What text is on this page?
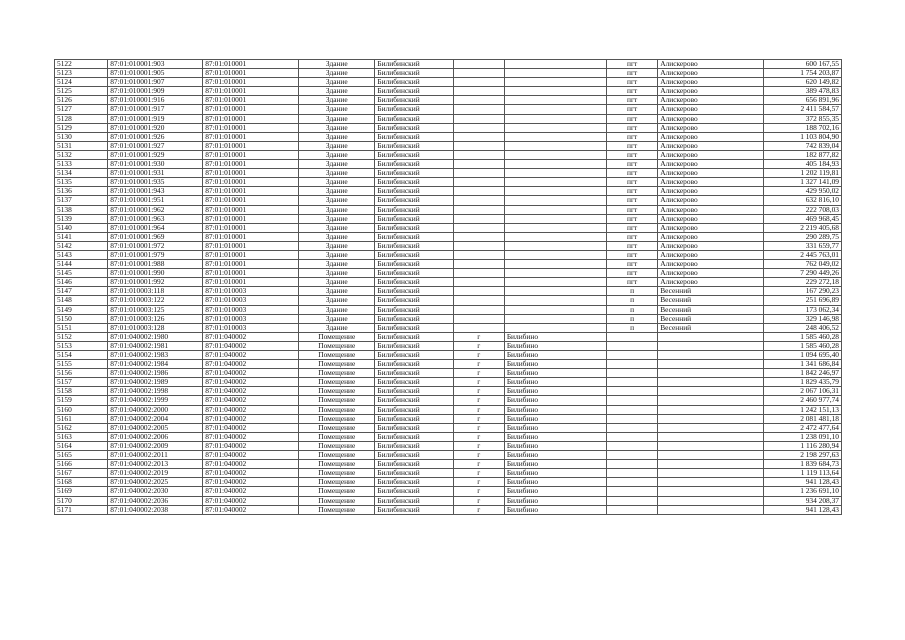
5122	87:01:010001:903	87:01:010001	Здание	Билибинский			пгт	Алискерово	600 167,55
5123	87:01:010001:905	87:01:010001	Здание	Билибинский			пгт	Алискерово	1 754 203,87
5124	87:01:010001:907	87:01:010001	Здание	Билибинский			пгт	Алискерово	620 149,82
5125	87:01:010001:909	87:01:010001	Здание	Билибинский			пгт	Алискерово	389 478,83
5126	87:01:010001:916	87:01:010001	Здание	Билибинский			пгт	Алискерово	656 891,96
5127	87:01:010001:917	87:01:010001	Здание	Билибинский			пгт	Алискерово	2 411 584,57
5128	87:01:010001:919	87:01:010001	Здание	Билибинский			пгт	Алискерово	372 855,35
5129	87:01:010001:920	87:01:010001	Здание	Билибинский			пгт	Алискерово	188 702,16
5130	87:01:010001:926	87:01:010001	Здание	Билибинский			пгт	Алискерово	1 103 804,90
5131	87:01:010001:927	87:01:010001	Здание	Билибинский			пгт	Алискерово	742 839,04
5132	87:01:010001:929	87:01:010001	Здание	Билибинский			пгт	Алискерово	182 877,82
5133	87:01:010001:930	87:01:010001	Здание	Билибинский			пгт	Алискерово	405 184,93
5134	87:01:010001:931	87:01:010001	Здание	Билибинский			пгт	Алискерово	1 202 119,81
5135	87:01:010001:935	87:01:010001	Здание	Билибинский			пгт	Алискерово	1 327 141,09
5136	87:01:010001:943	87:01:010001	Здание	Билибинский			пгт	Алискерово	429 950,02
5137	87:01:010001:951	87:01:010001	Здание	Билибинский			пгт	Алискерово	632 816,10
5138	87:01:010001:962	87:01:010001	Здание	Билибинский			пгт	Алискерово	222 708,03
5139	87:01:010001:963	87:01:010001	Здание	Билибинский			пгт	Алискерово	469 968,45
5140	87:01:010001:964	87:01:010001	Здание	Билибинский			пгт	Алискерово	2 219 405,68
5141	87:01:010001:969	87:01:010001	Здание	Билибинский			пгт	Алискерово	290 289,75
5142	87:01:010001:972	87:01:010001	Здание	Билибинский			пгт	Алискерово	331 659,77
5143	87:01:010001:979	87:01:010001	Здание	Билибинский			пгт	Алискерово	2 445 763,01
5144	87:01:010001:988	87:01:010001	Здание	Билибинский			пгт	Алискерово	762 049,02
5145	87:01:010001:990	87:01:010001	Здание	Билибинский			пгт	Алискерово	7 290 449,26
5146	87:01:010001:992	87:01:010001	Здание	Билибинский			пгт	Алискерово	229 272,18
5147	87:01:010003:118	87:01:010003	Здание	Билибинский			п	Весенний	167 290,23
5148	87:01:010003:122	87:01:010003	Здание	Билибинский			п	Весенний	251 696,89
5149	87:01:010003:125	87:01:010003	Здание	Билибинский			п	Весенний	173 062,34
5150	87:01:010003:126	87:01:010003	Здание	Билибинский			п	Весенний	329 146,98
5151	87:01:010003:128	87:01:010003	Здание	Билибинский			п	Весенний	248 406,52
5152	87:01:040002:1980	87:01:040002	Помещение	Билибинский	г	Билибино			1 585 460,28
5153	87:01:040002:1981	87:01:040002	Помещение	Билибинский	г	Билибино			1 585 460,28
5154	87:01:040002:1983	87:01:040002	Помещение	Билибинский	г	Билибино			1 094 695,40
5155	87:01:040002:1984	87:01:040002	Помещение	Билибинский	г	Билибино			1 341 686,84
5156	87:01:040002:1986	87:01:040002	Помещение	Билибинский	г	Билибино			1 842 246,97
5157	87:01:040002:1989	87:01:040002	Помещение	Билибинский	г	Билибино			1 829 435,79
5158	87:01:040002:1998	87:01:040002	Помещение	Билибинский	г	Билибино			2 067 106,31
5159	87:01:040002:1999	87:01:040002	Помещение	Билибинский	г	Билибино			2 460 977,74
5160	87:01:040002:2000	87:01:040002	Помещение	Билибинский	г	Билибино			1 242 151,13
5161	87:01:040002:2004	87:01:040002	Помещение	Билибинский	г	Билибино			2 081 481,18
5162	87:01:040002:2005	87:01:040002	Помещение	Билибинский	г	Билибино			2 472 477,64
5163	87:01:040002:2006	87:01:040002	Помещение	Билибинский	г	Билибино			1 238 091,10
5164	87:01:040002:2009	87:01:040002	Помещение	Билибинский	г	Билибино			1 116 280,94
5165	87:01:040002:2011	87:01:040002	Помещение	Билибинский	г	Билибино			2 198 297,63
5166	87:01:040002:2013	87:01:040002	Помещение	Билибинский	г	Билибино			1 839 684,73
5167	87:01:040002:2019	87:01:040002	Помещение	Билибинский	г	Билибино			1 119 113,64
5168	87:01:040002:2025	87:01:040002	Помещение	Билибинский	г	Билибино			941 128,43
5169	87:01:040002:2030	87:01:040002	Помещение	Билибинский	г	Билибино			1 236 691,10
5170	87:01:040002:2036	87:01:040002	Помещение	Билибинский	г	Билибино			934 208,37
5171	87:01:040002:2038	87:01:040002	Помещение	Билибинский	г	Билибино			941 128,43
